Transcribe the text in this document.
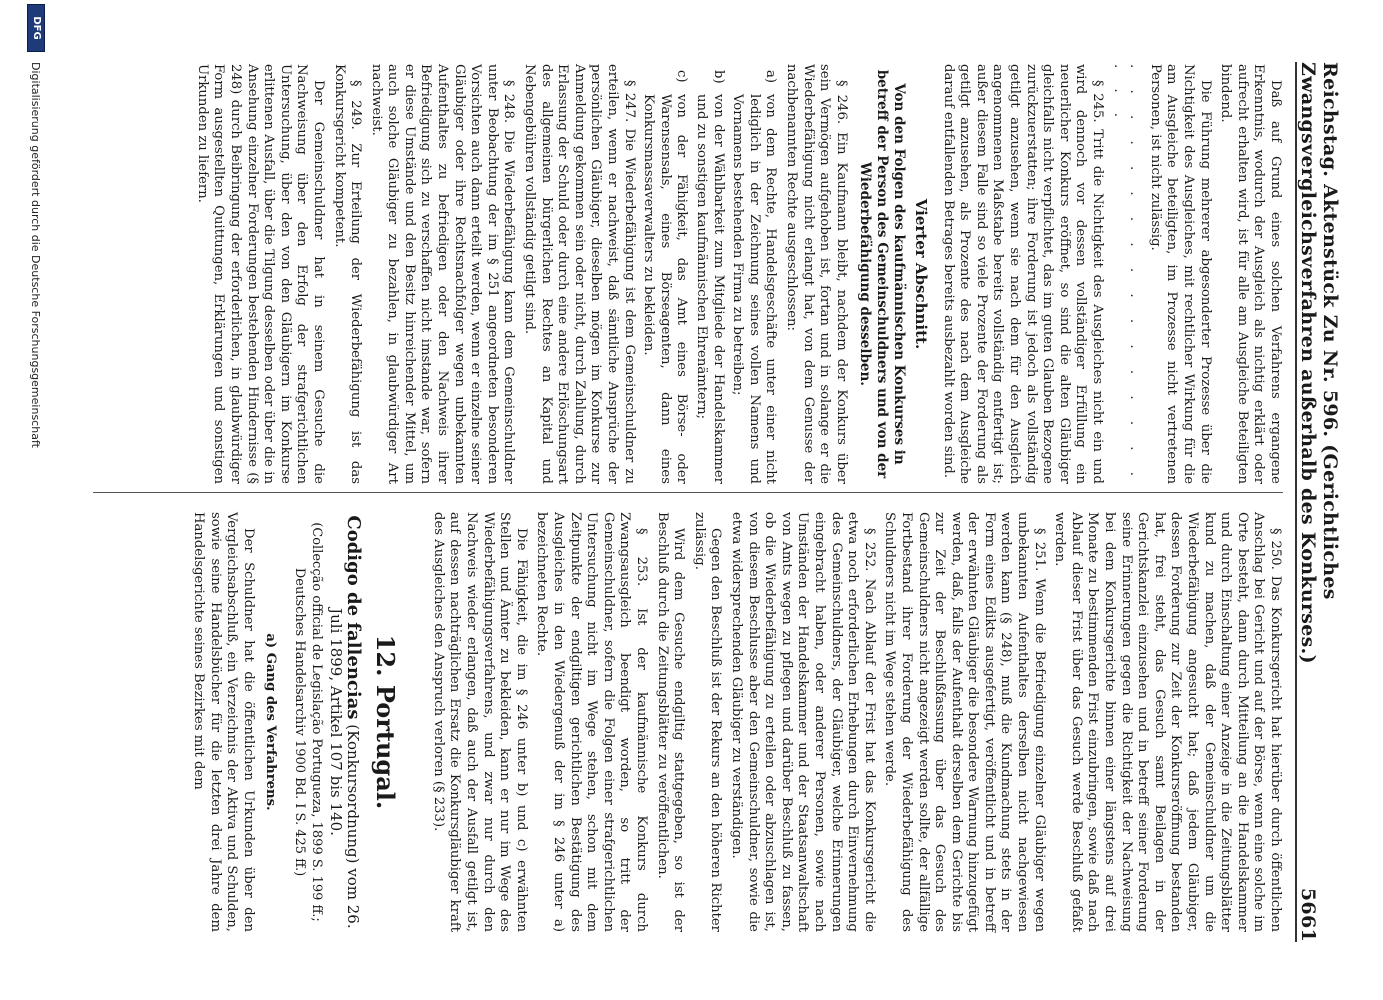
Reichstag. Aktenstück Zu Nr. 596. (Gerichtliches Zwangsvergleichsverfahren außerhalb des Konkurses.)
5661

Daß auf Grund eines solchen Verfahrens ergangene Erkenntnis, wodurch der Ausgleich als nichtig erklärt oder aufrecht erhalten wird, ist für alle am Ausgleiche Beteiligten bindend.

Die Führung mehrerer abgesonderter Prozesse über die Nichtigkeit des Ausgleiches, mit rechtlicher Wirkung für die am Ausgleiche beteiligten, im Prozesse nicht vertretenen Personen, ist nicht zulässig.

. . . . . . . . . . . . . . . . . . . .

§ 245. Tritt die Nichtigkeit des Ausgleiches nicht ein und wird dennoch vor dessen vollständiger Erfüllung ein neuerlicher Konkurs eröffnet, so sind die alten Gläubiger gleichfalls nicht verpflichtet, das im guten Glauben Bezogene zurückzuerstatten; ihre Forderung ist jedoch als vollständig getilgt anzusehen, wenn sie nach dem für den Ausgleich angenommenen Maßstabe bereits vollständig entfertigt ist; außer diesem Falle sind so viele Prozente der Forderung als getilgt anzusehen, als Prozente des nach dem Ausgleiche darauf entfallenden Betrages bereits ausbezahlt worden sind.

Vierter Abschnitt.
Von den Folgen des kaufmännischen Konkurses in betreff der Person des Gemeinschuldners und von der Wiederbefähigung desselben.

§ 246. Ein Kaufmann bleibt, nachdem der Konkurs über sein Vermögen aufgehoben ist, fortan und in solange er die Wiederbefähigung nicht erlangt hat, von dem Genusse der nachbenannten Rechte ausgeschlossen:

a)
von dem Rechte, Handelsgeschäfte unter einer nicht lediglich in der Zeichnung seines vollen Namens und Vornamens bestehenden Firma zu betreiben;
b)
von der Wählbarkeit zum Mitgliede der Handelskammer und zu sonstigen kaufmännischen Ehrenämtern;
c)
von der Fähigkeit, das Amt eines Börse- oder Warensensals, eines Börseagenten, dann eines Konkursmassaverwalters zu bekleiden.

§ 247. Die Wiederbefähigung ist dem Gemeinschuldner zu erteilen, wenn er nachweist, daß sämtliche Ansprüche der persönlichen Gläubiger, dieselben mögen im Konkurse zur Anmeldung gekommen sein oder nicht, durch Zahlung, durch Erlassung der Schuld oder durch eine andere Erlöschungsart des allgemeinen bürgerlichen Rechtes an Kapital und Nebengebühren vollständig getilgt sind.

§ 248. Die Wiederbefähigung kann dem Gemeinschuldner unter Beobachtung der im § 251 angeordneten besonderen Vorsichten auch dann erteilt werden, wenn er einzelne seiner Gläubiger oder ihre Rechtsnachfolger wegen unbekannten Aufenthaltes zu befriedigen oder den Nachweis ihrer Befriedigung sich zu verschaffen nicht imstande war, sofern er diese Umstände und den Besitz hinreichender Mittel, um auch solche Gläubiger zu bezahlen, in glaubwürdiger Art nachweist.

§ 249. Zur Erteilung der Wiederbefähigung ist das Konkursgericht kompetent.

Der Gemeinschuldner hat in seinem Gesuche die Nachweisung über den Erfolg der strafgerichtlichen Untersuchung, über den von den Gläubigern im Konkurse erlittenen Ausfall, über die Tilgung desselben oder über die in Ansehung einzelner Forderungen bestehenden Hindernisse (§ 248) durch Beibringung der erforderlichen, in glaubwürdiger Form ausgestellten Quittungen, Erklärungen und sonstigen Urkunden zu liefern.

§ 250. Das Konkursgericht hat hierüber durch öffentlichen Anschlag bei Gericht und auf der Börse, wenn eine solche im Orte besteht, dann durch Mitteilung an die Handelskammer und durch Einschaltung einer Anzeige in die Zeitungsblätter kund zu machen, daß der Gemeinschuldner um die Wiederbefähigung angesucht hat; daß jedem Gläubiger, dessen Forderung zur Zeit der Konkurseröffnung bestanden hat, frei steht, das Gesuch samt Beilagen in der Gerichtskanzlei einzusehen und in betreff seiner Forderung seine Erinnerungen gegen die Richtigkeit der Nachweisung bei dem Konkursgerichte binnen einer längstens auf drei Monate zu bestimmenden Frist einzubringen, sowie daß nach Ablauf dieser Frist über das Gesuch werde Beschluß gefaßt werden.

§ 251. Wenn die Befriedigung einzelner Gläubiger wegen unbekannten Aufenthaltes derselben nicht nachgewiesen werden kann (§ 248), muß die Kundmachung stets in der Form eines Edikts ausgefertigt, veröffentlicht und in betreff der erwähnten Gläubiger die besondere Warnung hinzugefügt werden, daß, falls der Aufenthalt derselben dem Gerichte bis zur Zeit der Beschlußfassung über das Gesuch des Gemeinschuldners nicht angezeigt werden sollte, der allfällige Fortbestand ihrer Forderung der Wiederbefähigung des Schuldners nicht im Wege stehen werde.

§ 252. Nach Ablauf der Frist hat das Konkursgericht die etwa noch erforderlichen Erhebungen durch Einvernehmung des Gemeinschuldners, der Gläubiger, welche Erinnerungen eingebracht haben, oder anderer Personen, sowie nach Umständen der Handelskammer und der Staatsanwaltschaft von Amts wegen zu pflegen und darüber Beschluß zu fassen, ob die Wiederbefähigung zu erteilen oder abzuschlagen ist, von diesem Beschlusse aber den Gemeinschuldner, sowie die etwa widersprechenden Gläubiger zu verständigen.

Gegen den Beschluß ist der Rekurs an den höheren Richter zulässig.

Wird dem Gesuche endgiltig stattgegeben, so ist der Beschluß durch die Zeitungsblätter zu veröffentlichen.

§ 253. Ist der kaufmännische Konkurs durch Zwangsausgleich beendigt worden, so tritt der Gemeinschuldner, sofern die Folgen einer strafgerichtlichen Untersuchung nicht im Wege stehen, schon mit dem Zeitpunkte der endgiltigen gerichtlichen Bestätigung des Ausgleiches in den Wiedergenuß der im § 246 unter a) bezeichneten Rechte.

Die Fähigkeit, die im § 246 unter b) und c) erwähnten Stellen und Ämter zu bekleiden, kann er nur im Wege des Wiederbefähigungsverfahrens, und zwar nur durch den Nachweis wieder erlangen, daß auch der Ausfall getilgt ist, auf dessen nachträglichen Ersatz die Konkursgläubiger kraft des Ausgleiches den Anspruch verloren (§ 233).

12. Portugal.
Codigo de fallencias (Konkursordnung) vom 26. Juli 1899, Artikel 107 bis 140.
(Collecção official de Legislação Portugueza, 1899 S. 199 ff.;
Deutsches Handelsarchiv 1900 Bd. I S. 425 ff.)
a) Gang des Verfahrens.

Der Schuldner hat die öffentlichen Urkunden über den Vergleichsabschluß, ein Verzeichnis der Aktiva und Schulden, sowie seine Handelsbücher für die letzten drei Jahre dem Handelsgerichte seines Bezirkes mit dem

DFG
Digitalisierung gefördert durch die Deutsche Forschungsgemeinschaft
